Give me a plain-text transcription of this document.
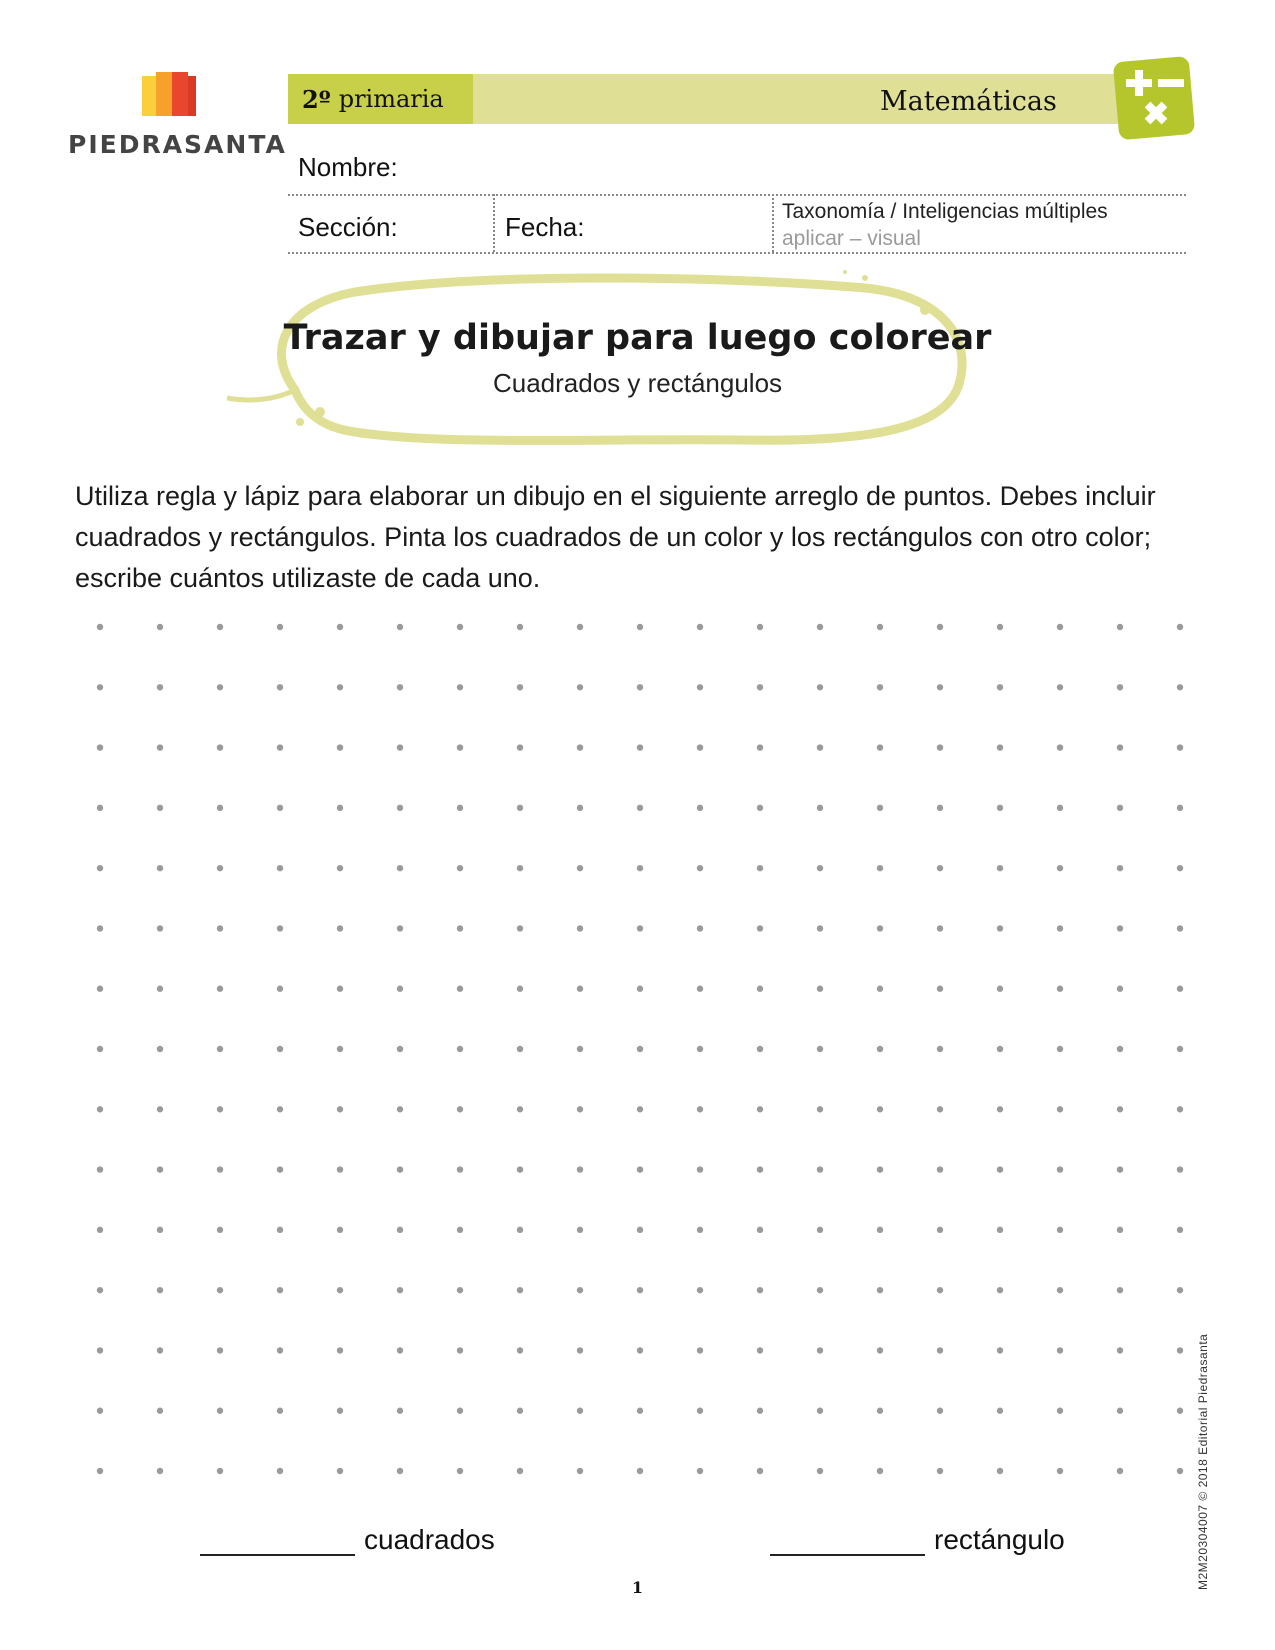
PIEDRASANTA
2º primaria	Matemáticas
Nombre:
Sección:	Fecha:
Taxonomía / Inteligencias múltiples
aplicar – visual
Trazar y dibujar para luego colorear
Cuadrados y rectángulos
Utiliza regla y lápiz para elaborar un dibujo en el siguiente arreglo de puntos. Debes incluir cuadrados y rectángulos. Pinta los cuadrados de un color y los rectángulos con otro color; escribe cuántos utilizaste de cada uno.
cuadrados	rectángulo
1	M2M2030400​7 © 2018 Editorial Piedrasanta
